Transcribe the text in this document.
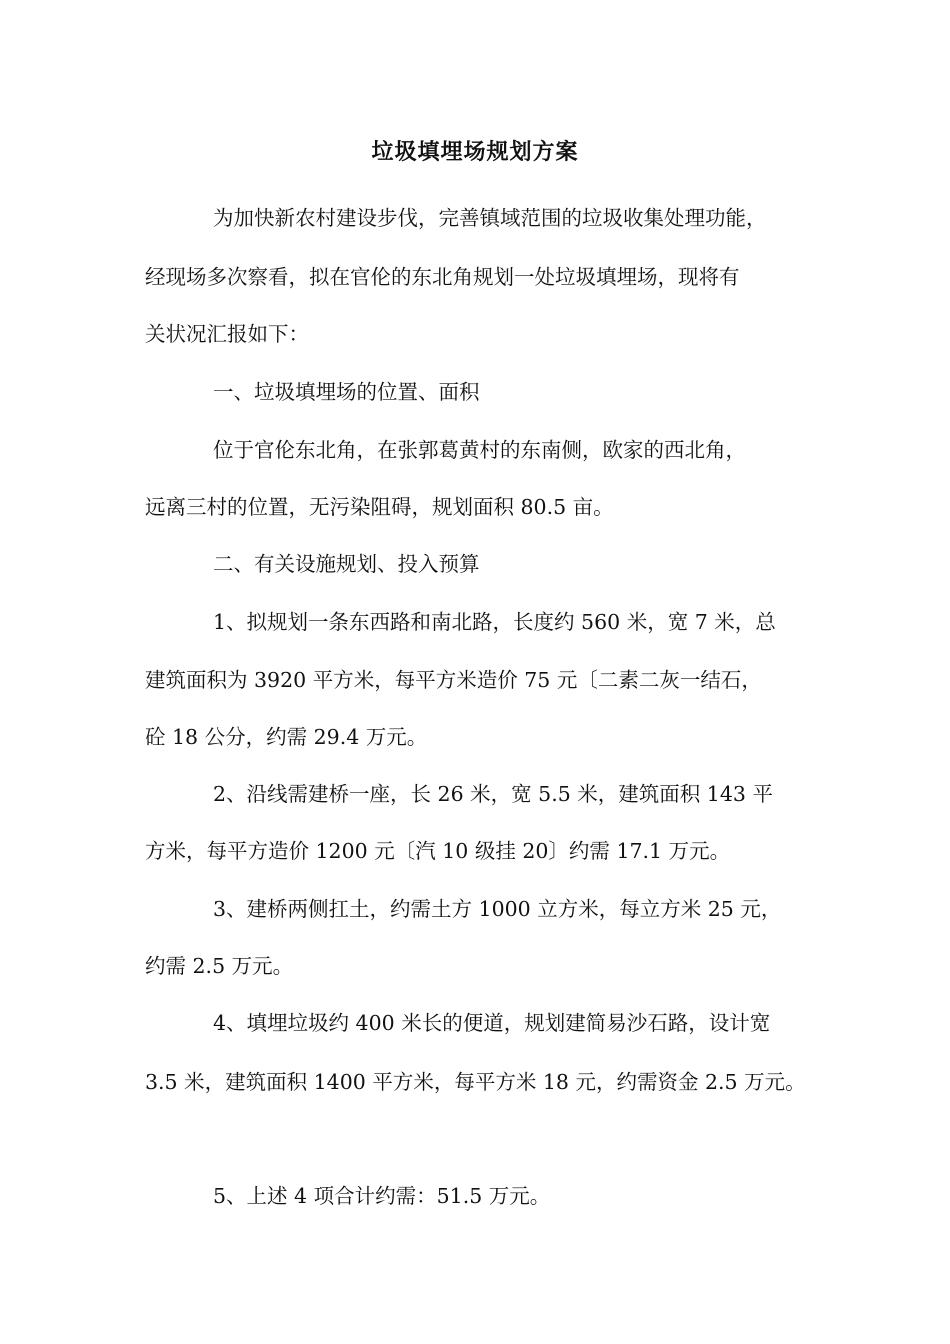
垃圾填埋场规划方案
为加快新农村建设步伐，完善镇域范围的垃圾收集处理功能，
经现场多次察看，拟在官伦的东北角规划一处垃圾填埋场，现将有
关状况汇报如下：
一、垃圾填埋场的位置、面积
位于官伦东北角，在张郭葛黄村的东南侧，欧家的西北角，
远离三村的位置，无污染阻碍，规划面积 80.5 亩。
二、有关设施规划、投入预算
1、拟规划一条东西路和南北路，长度约 560 米，宽 7 米，总
建筑面积为 3920 平方米，每平方米造价 75 元〔二素二灰一结石，
砼 18 公分，约需 29.4 万元。
2、沿线需建桥一座，长 26 米，宽 5.5 米，建筑面积 143 平
方米，每平方造价 1200 元〔汽 10 级挂 20〕约需 17.1 万元。
3、建桥两侧扛土，约需土方 1000 立方米，每立方米 25 元，
约需 2.5 万元。
4、填埋垃圾约 400 米长的便道，规划建简易沙石路，设计宽
3.5 米，建筑面积 1400 平方米，每平方米 18 元，约需资金 2.5 万元。
5、上述 4 项合计约需：51.5 万元。
